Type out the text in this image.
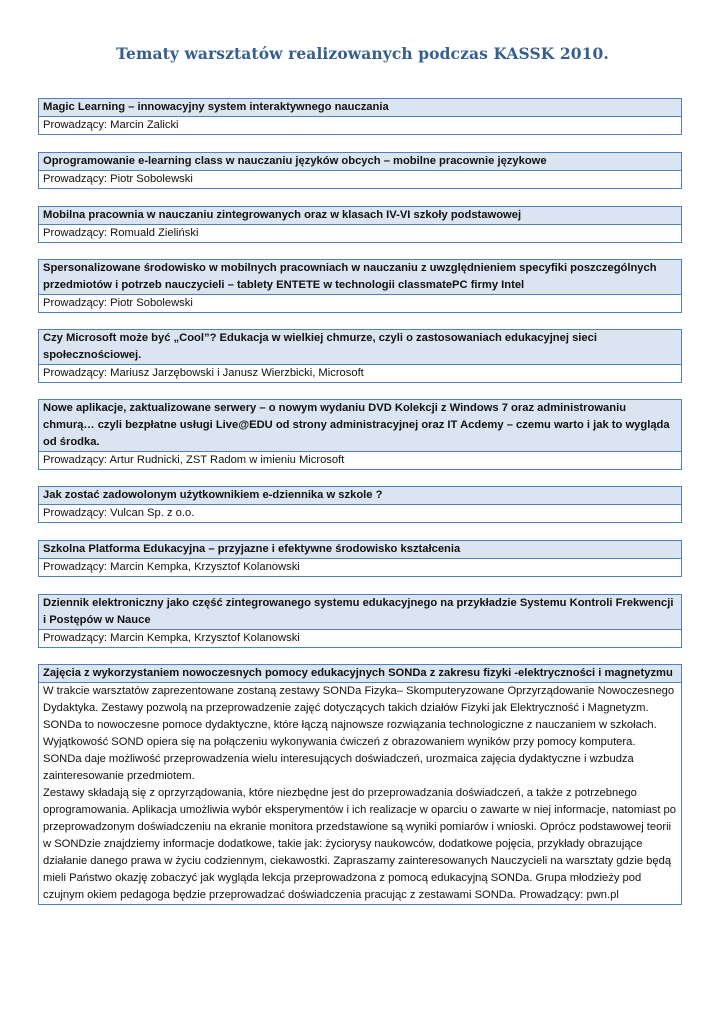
Tematy warsztatów realizowanych podczas KASSK 2010.
Magic Learning – innowacyjny system interaktywnego nauczania
Prowadzący: Marcin Zalicki
Oprogramowanie e-learning class w nauczaniu języków obcych – mobilne pracownie językowe
Prowadzący: Piotr Sobolewski
Mobilna pracownia w nauczaniu zintegrowanych oraz w klasach IV-VI szkoły podstawowej
Prowadzący: Romuald Zieliński
Spersonalizowane środowisko w mobilnych pracowniach w nauczaniu z uwzględnieniem specyfiki poszczególnych przedmiotów i potrzeb nauczycieli – tablety ENTETE w technologii classmatePC firmy Intel
Prowadzący: Piotr Sobolewski
Czy Microsoft może być „Cool”? Edukacja w wielkiej chmurze, czyli o zastosowaniach edukacyjnej sieci społecznościowej.
Prowadzący: Mariusz Jarzębowski i Janusz Wierzbicki, Microsoft
Nowe aplikacje, zaktualizowane serwery – o nowym wydaniu DVD Kolekcji z Windows 7 oraz administrowaniu chmurą… czyli bezpłatne usługi Live@EDU od strony administracyjnej oraz IT Acdemy – czemu warto i jak to wygląda od środka.
Prowadzący: Artur Rudnicki, ZST Radom w imieniu Microsoft
Jak zostać zadowolonym użytkownikiem e-dziennika w szkole ?
Prowadzący: Vulcan Sp. z o.o.
Szkolna Platforma Edukacyjna – przyjazne i efektywne środowisko kształcenia
Prowadzący: Marcin Kempka, Krzysztof Kolanowski
Dziennik elektroniczny jako część zintegrowanego systemu edukacyjnego na przykładzie Systemu Kontroli Frekwencji i Postępów w Nauce
Prowadzący: Marcin Kempka, Krzysztof Kolanowski
Zajęcia z wykorzystaniem nowoczesnych pomocy edukacyjnych SONDa z zakresu fizyki -elektryczności i magnetyzmu

W trakcie warsztatów zaprezentowane zostaną zestawy SONDa Fizyka– Skomputeryzowane Oprzyrządowanie Nowoczesnego Dydaktyka. Zestawy pozwolą na przeprowadzenie zajęć dotyczących takich działów Fizyki jak Elektryczność i Magnetyzm. SONDa to nowoczesne pomoce dydaktyczne, które łączą najnowsze rozwiązania technologiczne z nauczaniem w szkołach. Wyjątkowość SOND opiera się na połączeniu wykonywania ćwiczeń z obrazowaniem wyników przy pomocy komputera.

SONDa daje możliwość przeprowadzenia wielu interesujących doświadczeń, urozmaica zajęcia dydaktyczne i wzbudza zainteresowanie przedmiotem.

Zestawy składają się z oprzyrządowania, które niezbędne jest do przeprowadzania doświadczeń, a także z potrzebnego oprogramowania. Aplikacja umożliwia wybór eksperymentów i ich realizacje w oparciu o zawarte w niej informacje, natomiast po przeprowadzonym doświadczeniu na ekranie monitora przedstawione są wyniki pomiarów i wnioski. Oprócz podstawowej teorii w SONDzie znajdziemy informacje dodatkowe, takie jak: życiorysy naukowców, dodatkowe pojęcia, przykłady obrazujące działanie danego prawa w życiu codziennym, ciekawostki. Zapraszamy zainteresowanych Nauczycieli na warsztaty gdzie będą mieli Państwo okazję zobaczyć jak wygląda lekcja przeprowadzona z pomocą edukacyjną SONDa. Grupa młodzieży pod czujnym okiem pedagoga będzie przeprowadzać doświadczenia pracując z zestawami SONDa. Prowadzący: pwn.pl
